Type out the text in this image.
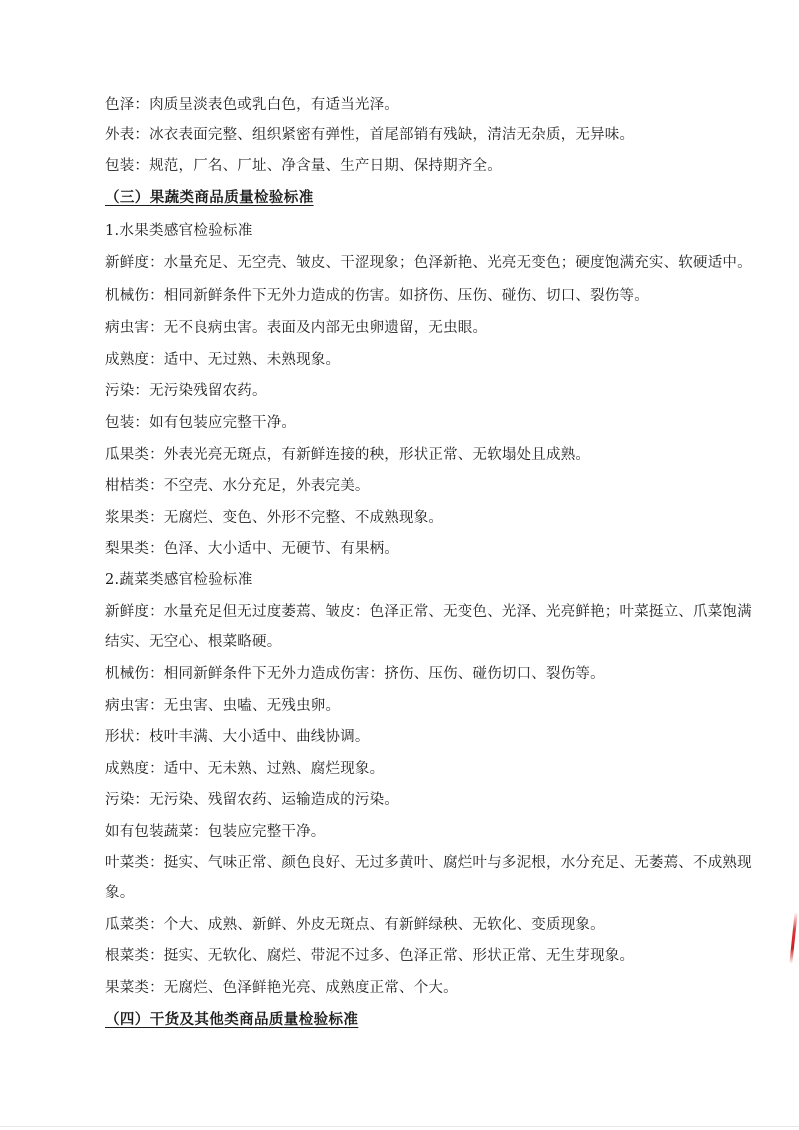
色泽：肉质呈淡表色或乳白色，有适当光泽。
外表：冰衣表面完整、组织紧密有弹性，首尾部销有残缺，清洁无杂质，无异味。
包装：规范，厂名、厂址、净含量、生产日期、保持期齐全。
（三）果蔬类商品质量检验标准
1.水果类感官检验标准
新鲜度：水量充足、无空壳、皱皮、干涩现象；色泽新艳、光亮无变色；硬度饱满充实、软硬适中。
机械伤：相同新鲜条件下无外力造成的伤害。如挤伤、压伤、碰伤、切口、裂伤等。
病虫害：无不良病虫害。表面及内部无虫卵遗留，无虫眼。
成熟度：适中、无过熟、未熟现象。
污染：无污染残留农药。
包装：如有包装应完整干净。
瓜果类：外表光亮无斑点，有新鲜连接的秧，形状正常、无软塌处且成熟。
柑桔类：不空壳、水分充足，外表完美。
浆果类：无腐烂、变色、外形不完整、不成熟现象。
梨果类：色泽、大小适中、无硬节、有果柄。
2.蔬菜类感官检验标准
新鲜度：水量充足但无过度萎蔫、皱皮：色泽正常、无变色、光泽、光亮鲜艳；叶菜挺立、爪菜饱满
结实、无空心、根菜略硬。
机械伤：相同新鲜条件下无外力造成伤害：挤伤、压伤、碰伤切口、裂伤等。
病虫害：无虫害、虫嗑、无残虫卵。
形状：枝叶丰满、大小适中、曲线协调。
成熟度：适中、无未熟、过熟、腐烂现象。
污染：无污染、残留农药、运输造成的污染。
如有包装蔬菜：包装应完整干净。
叶菜类：挺实、气味正常、颜色良好、无过多黄叶、腐烂叶与多泥根，水分充足、无萎蔫、不成熟现
象。
瓜菜类：个大、成熟、新鲜、外皮无斑点、有新鲜绿秧、无软化、变质现象。
根菜类：挺实、无软化、腐烂、带泥不过多、色泽正常、形状正常、无生芽现象。
果菜类：无腐烂、色泽鲜艳光亮、成熟度正常、个大。
（四）干货及其他类商品质量检验标准
